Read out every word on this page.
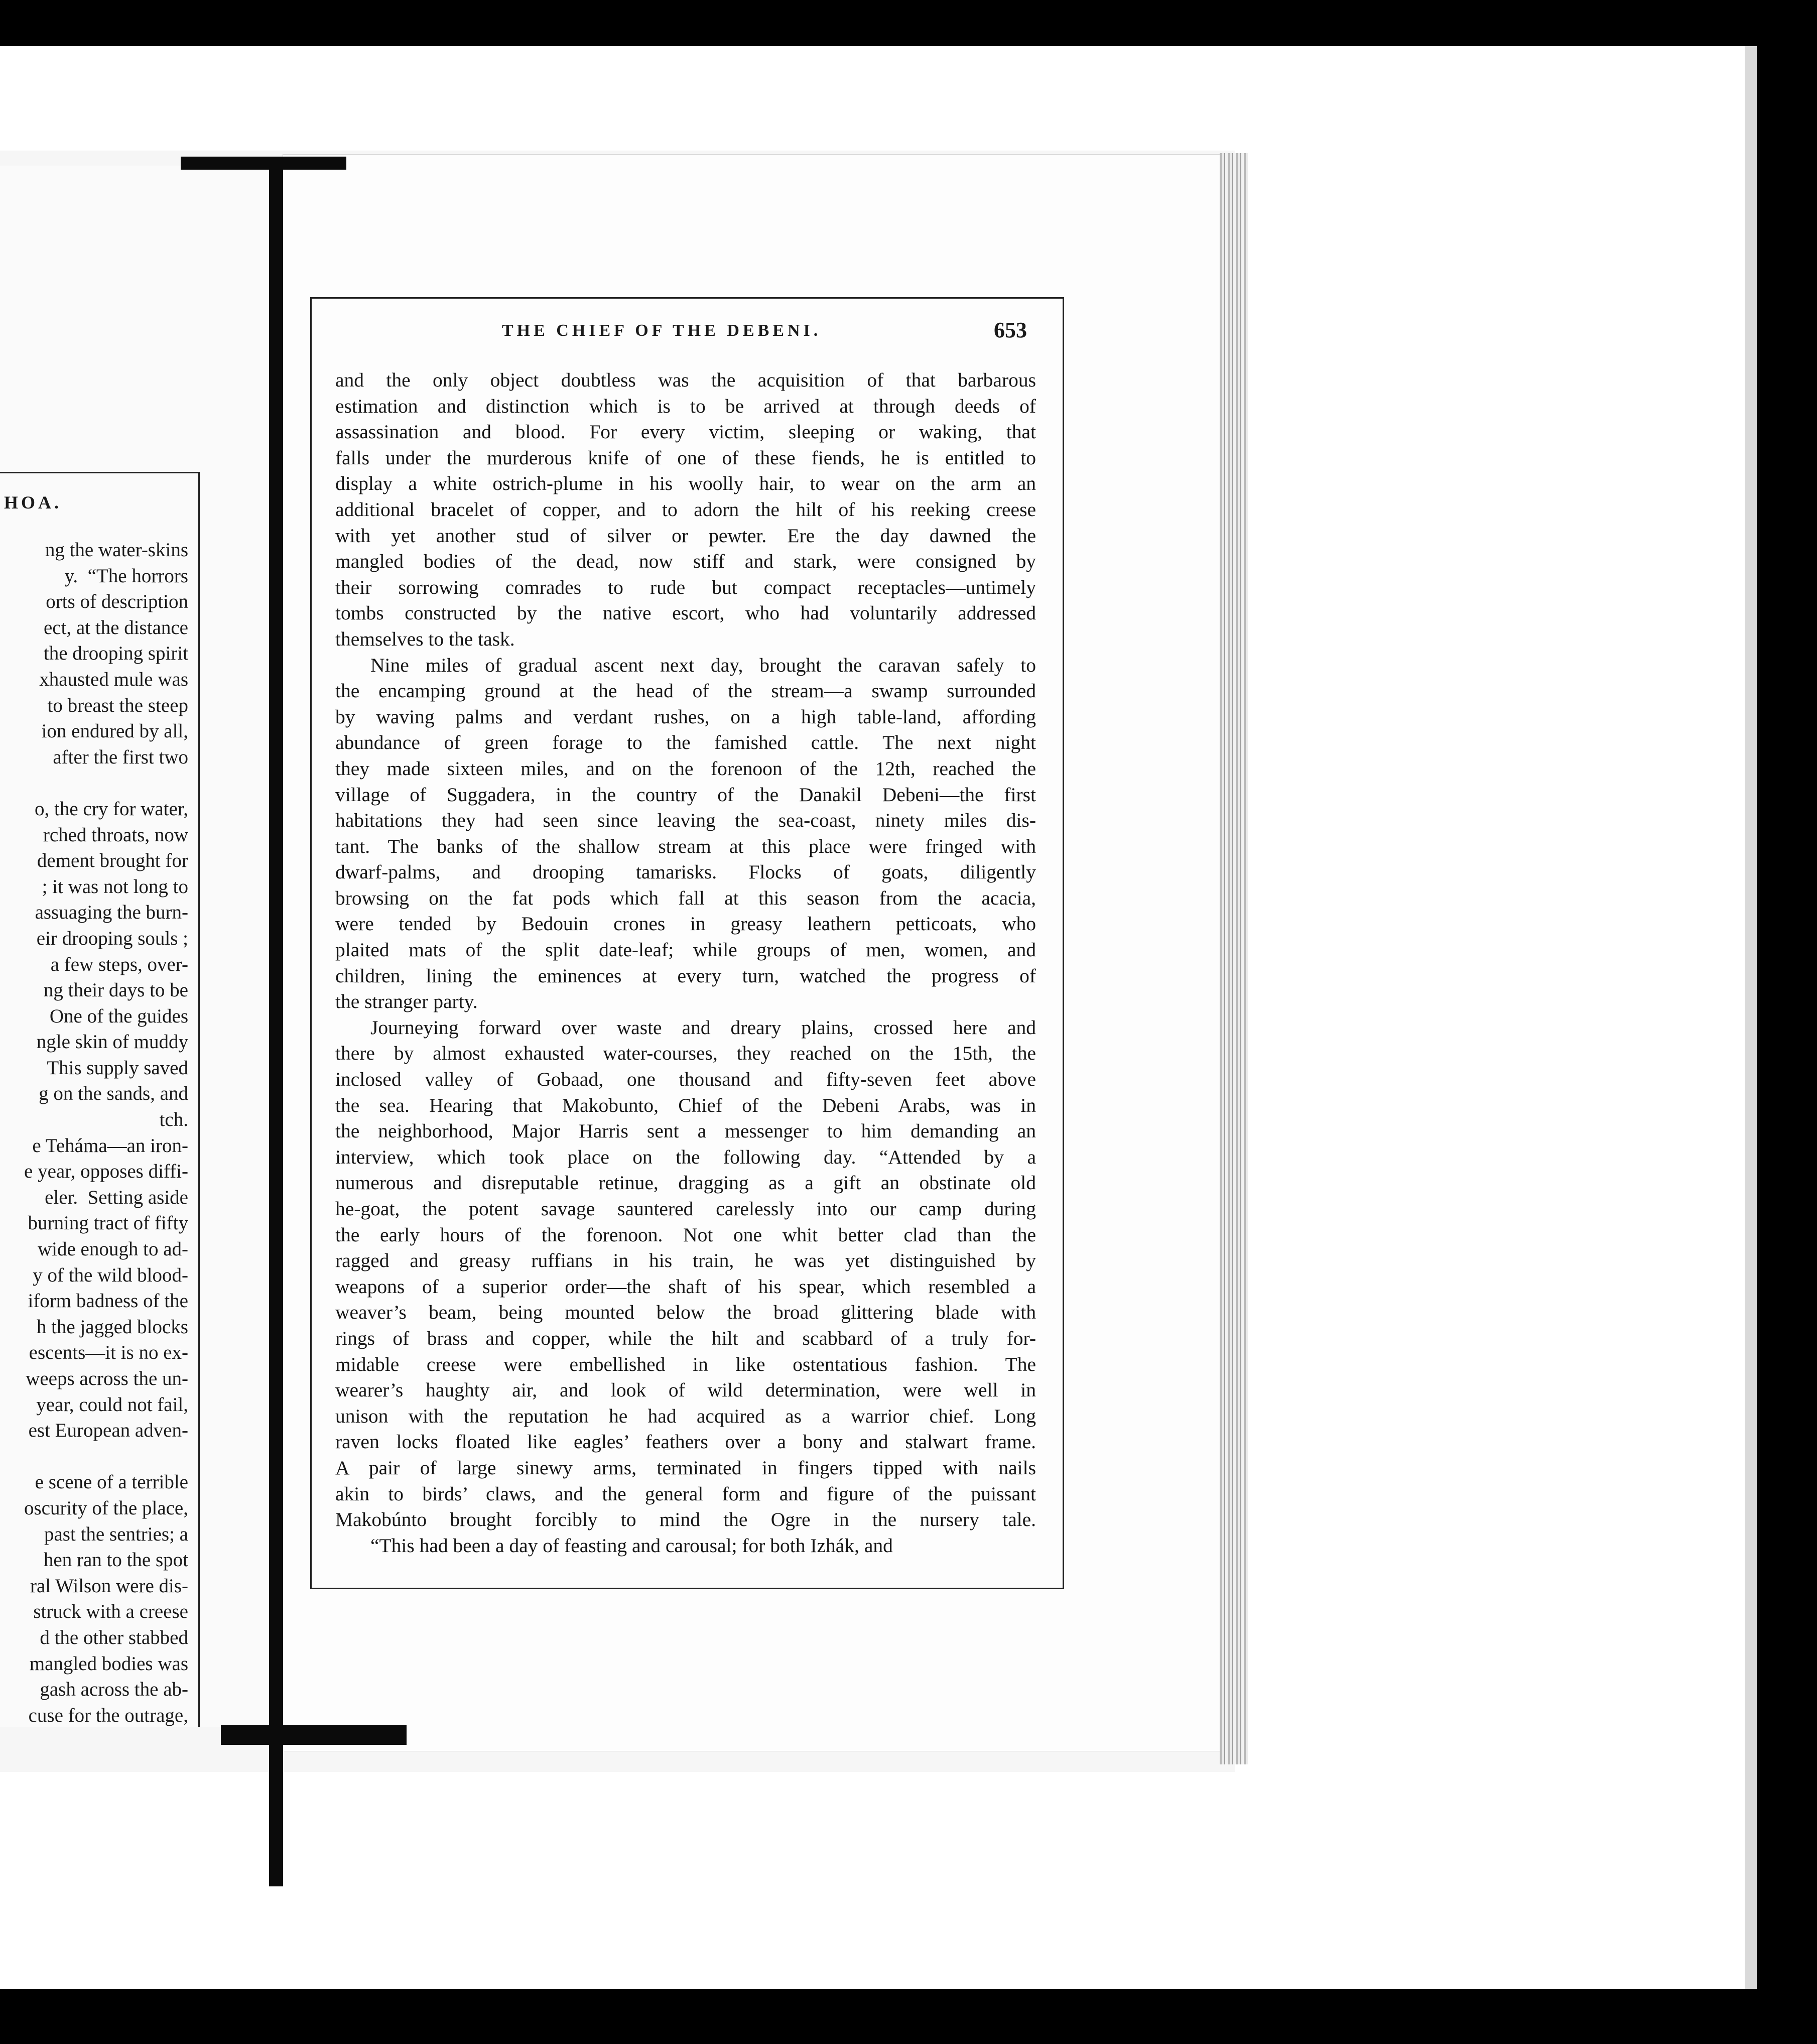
HOA.
ng the water-skins
y.  “The horrors
orts of description
ect, at the distance
the drooping spirit
xhausted mule was
to breast the steep
ion endured by all,
after the first two
o, the cry for water,
rched throats, now
dement brought for
; it was not long to
assuaging the burn-
eir drooping souls ;
a few steps, over-
ng their days to be
One of the guides
ngle skin of muddy
This supply saved
g on the sands, and
tch.
e Teháma—an iron-
e year, opposes diffi-
eler.  Setting aside
burning tract of fifty
wide enough to ad-
y of the wild blood-
iform badness of the
h the jagged blocks
escents—it is no ex-
weeps across the un-
year, could not fail,
est European adven-
e scene of a terrible
oscurity of the place,
past the sentries; a
hen ran to the spot
ral Wilson were dis-
struck with a creese
d the other stabbed
mangled bodies was
gash across the ab-
cuse for the outrage,
THE CHIEF OF THE DEBENI.	653
and the only object doubtless was the acquisition of that barbarous
estimation and distinction which is to be arrived at through deeds of
assassination and blood. For every victim, sleeping or waking, that
falls under the murderous knife of one of these fiends, he is entitled to
display a white ostrich-plume in his woolly hair, to wear on the arm an
additional bracelet of copper, and to adorn the hilt of his reeking creese
with yet another stud of silver or pewter. Ere the day dawned the
mangled bodies of the dead, now stiff and stark, were consigned by
their sorrowing comrades to rude but compact receptacles—untimely
tombs constructed by the native escort, who had voluntarily addressed
themselves to the task.
Nine miles of gradual ascent next day, brought the caravan safely to
the encamping ground at the head of the stream—a swamp surrounded
by waving palms and verdant rushes, on a high table-land, affording
abundance of green forage to the famished cattle. The next night
they made sixteen miles, and on the forenoon of the 12th, reached the
village of Suggadera, in the country of the Danakil Debeni—the first
habitations they had seen since leaving the sea-coast, ninety miles dis-
tant. The banks of the shallow stream at this place were fringed with
dwarf-palms, and drooping tamarisks. Flocks of goats, diligently
browsing on the fat pods which fall at this season from the acacia,
were tended by Bedouin crones in greasy leathern petticoats, who
plaited mats of the split date-leaf; while groups of men, women, and
children, lining the eminences at every turn, watched the progress of
the stranger party.
Journeying forward over waste and dreary plains, crossed here and
there by almost exhausted water-courses, they reached on the 15th, the
inclosed valley of Gobaad, one thousand and fifty-seven feet above
the sea. Hearing that Makobunto, Chief of the Debeni Arabs, was in
the neighborhood, Major Harris sent a messenger to him demanding an
interview, which took place on the following day. “Attended by a
numerous and disreputable retinue, dragging as a gift an obstinate old
he-goat, the potent savage sauntered carelessly into our camp during
the early hours of the forenoon. Not one whit better clad than the
ragged and greasy ruffians in his train, he was yet distinguished by
weapons of a superior order—the shaft of his spear, which resembled a
weaver’s beam, being mounted below the broad glittering blade with
rings of brass and copper, while the hilt and scabbard of a truly for-
midable creese were embellished in like ostentatious fashion. The
wearer’s haughty air, and look of wild determination, were well in
unison with the reputation he had acquired as a warrior chief. Long
raven locks floated like eagles’ feathers over a bony and stalwart frame.
A pair of large sinewy arms, terminated in fingers tipped with nails
akin to birds’ claws, and the general form and figure of the puissant
Makobúnto brought forcibly to mind the Ogre in the nursery tale.
“This had been a day of feasting and carousal; for both Izhák, and
